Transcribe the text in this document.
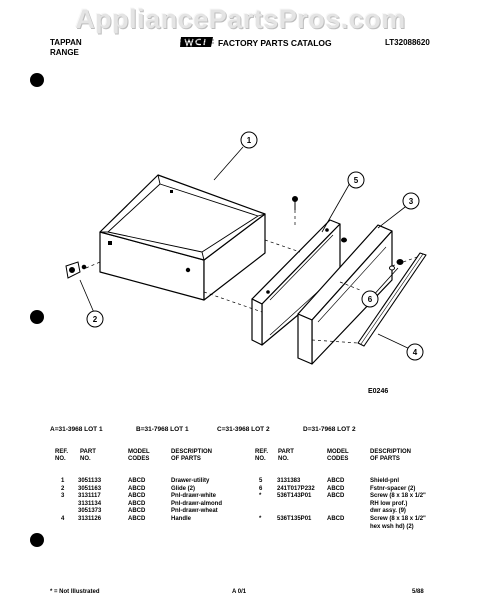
AppliancePartsPros.com
TAPPAN
RANGE
FACTORY PARTS CATALOG	LT32088620
1
2
3
4
5
6
E0246
A=31-3968 LOT 1	B=31-7968 LOT 1	C=31-3968 LOT 2	D=31-7968 LOT 2
REF.
NO.
PART
NO.
MODEL
CODES
DESCRIPTION
OF PARTS
REF.
NO.
PART
NO.
MODEL
CODES
DESCRIPTION
OF PARTS
1 3051133	ABCD	Drawer-utility
2 3051163	ABCD	Glide (2)
3 3131117	ABCD	Pnl-drawr-white
3131134	ABCD	Pnl-drawr-almond
3051373	ABCD	Pnl-drawr-wheat
4 3131126	ABCD	Handle
5 3131383	ABCD	Shield-pnl
6 241T017P232 ABCD	Fstnr-spacer (2)
*	536T143P01	ABCD	Screw (8 x 18 x 1/2"
RH low prof.)
dwr assy. (9)
*	536T135P01	ABCD	Screw (8 x 18 x 1/2"
hex wsh hd) (2)
* = Not Illustrated	A 0/1	5/88
